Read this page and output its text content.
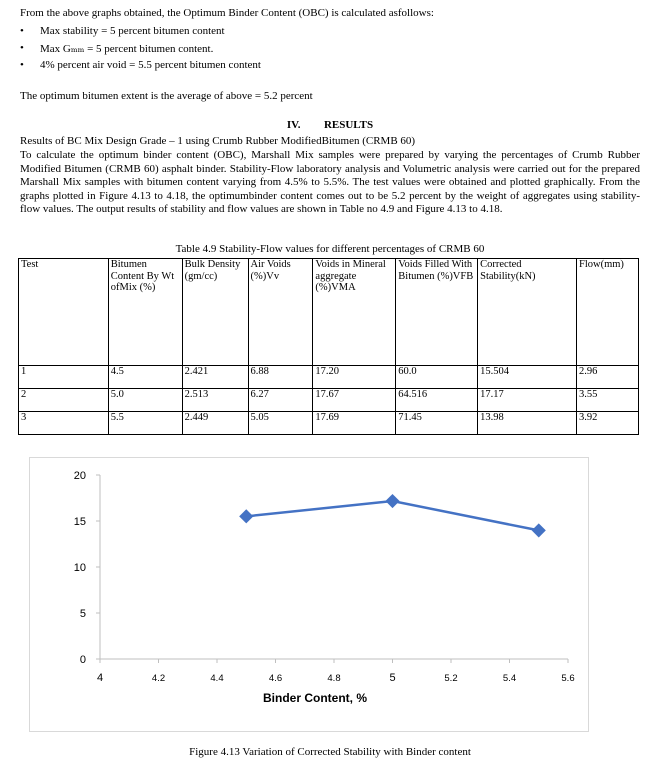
From the above graphs obtained, the Optimum Binder Content (OBC) is calculated asfollows:
• Max stability = 5 percent bitumen content
• Max Gₘₘ = 5 percent bitumen content.
• 4% percent air void = 5.5 percent bitumen content
The optimum bitumen extent is the average of above = 5.2 percent
IV. RESULTS
Results of BC Mix Design Grade – 1 using Crumb Rubber ModifiedBitumen (CRMB 60)
To calculate the optimum binder content (OBC), Marshall Mix samples were prepared by varying the percentages of Crumb Rubber Modified Bitumen (CRMB 60) asphalt binder. Stability-Flow laboratory analysis and Volumetric analysis were carried out for the prepared Marshall Mix samples with bitumen content varying from 4.5% to 5.5%. The test values were obtained and plotted graphically. From the graphs plotted in Figure 4.13 to 4.18, the optimumbinder content comes out to be 5.2 percent by the weight of aggregates using stability-flow values. The output results of stability and flow values are shown in Table no 4.9 and Figure 4.13 to 4.18.
Table 4.9 Stability-Flow values for different percentages of CRMB 60
Test	Bitumen Content By Wt ofMix (%)	Bulk Density (gm/cc)	Air Voids (%)Vv	Voids in Mineral aggregate (%)VMA	Voids Filled With Bitumen (%)VFB	Corrected Stability(kN)	Flow(mm)
1	4.5	2.421	6.88	17.20	60.0	15.504	2.96
2	5.0	2.513	6.27	17.67	64.516	17.17	3.55
3	5.5	2.449	5.05	17.69	71.45	13.98	3.92
0
5
10
15
20
4	4.2	4.4	4.6	4.8	5	5.2	5.4	5.6
Binder Content, %
Figure 4.13 Variation of Corrected Stability with Binder content
